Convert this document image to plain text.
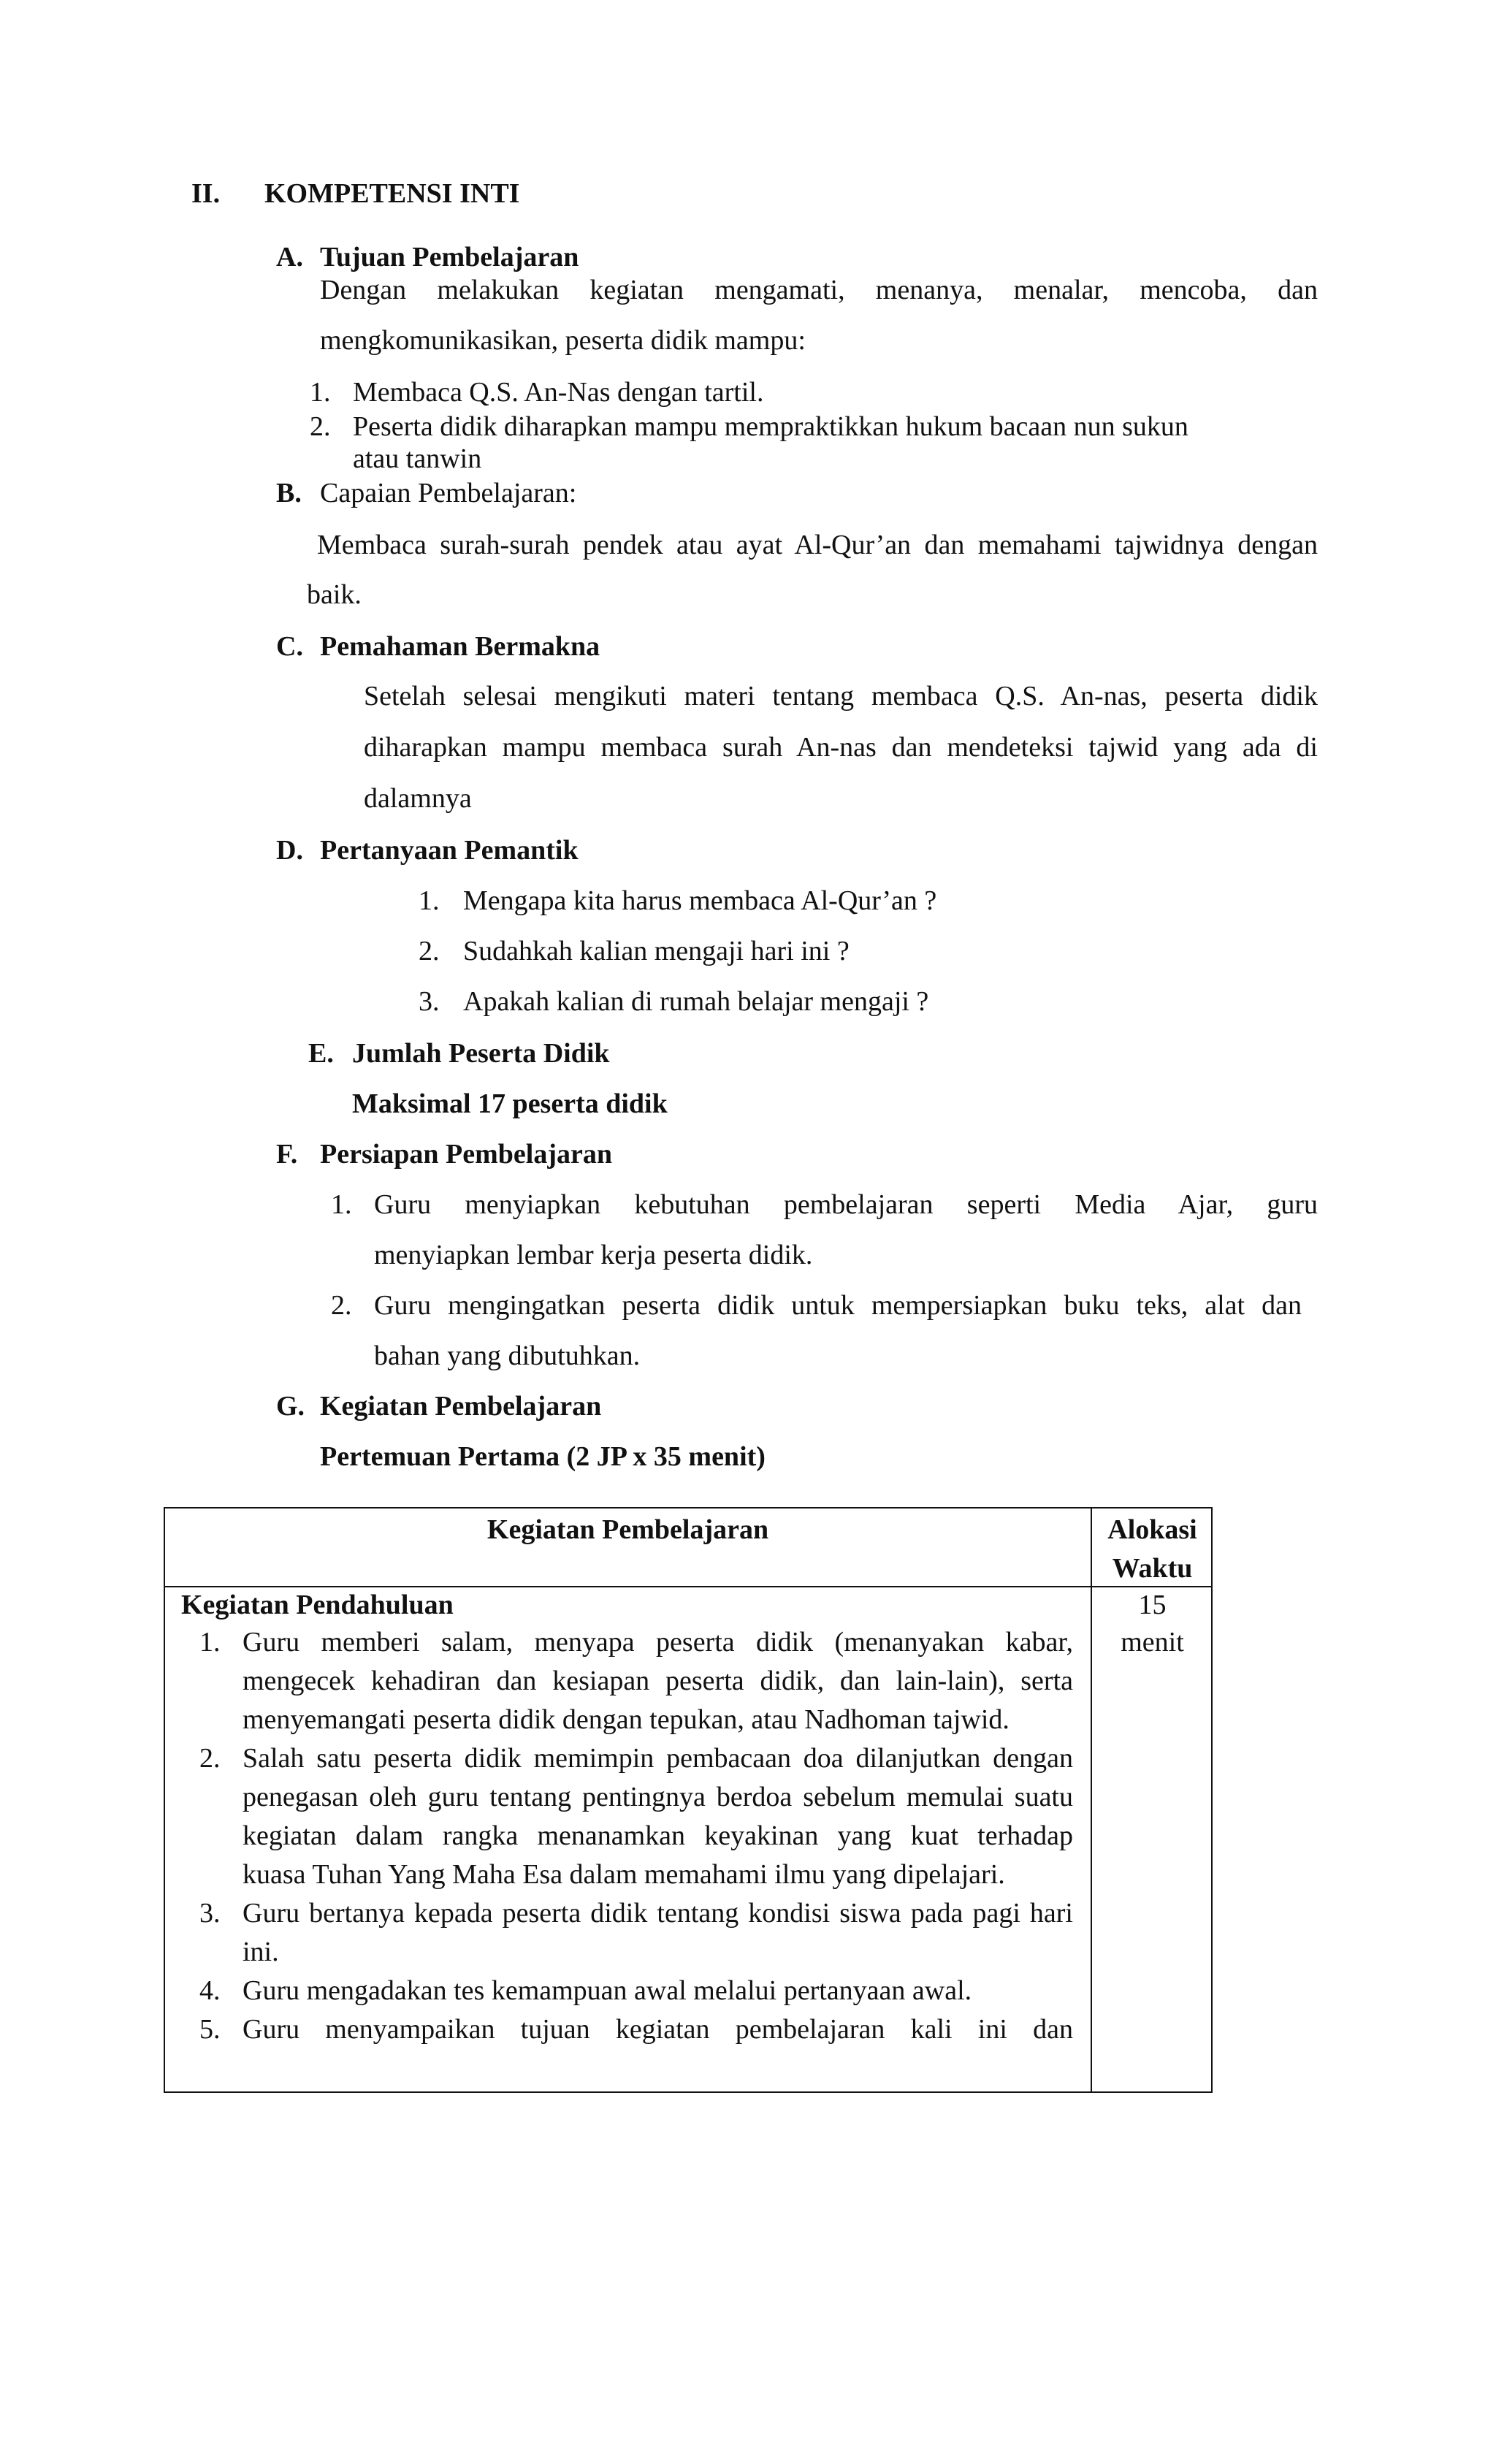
II. KOMPETENSI INTI
A. Tujuan Pembelajaran
Dengan melakukan kegiatan mengamati, menanya, menalar, mencoba, dan
mengkomunikasikan, peserta didik mampu:
1. Membaca Q.S. An-Nas dengan tartil.
2. Peserta didik diharapkan mampu mempraktikkan hukum bacaan nun sukun
atau tanwin
B. Capaian Pembelajaran:
Membaca surah-surah pendek atau ayat Al-Qur’an dan memahami tajwidnya dengan
baik.
C. Pemahaman Bermakna
Setelah selesai mengikuti materi tentang membaca Q.S. An-nas, peserta didik
diharapkan mampu membaca surah An-nas dan mendeteksi tajwid yang ada di
dalamnya
D. Pertanyaan Pemantik
1. Mengapa kita harus membaca Al-Qur’an ?
2. Sudahkah kalian mengaji hari ini ?
3. Apakah kalian di rumah belajar mengaji ?
E. Jumlah Peserta Didik
Maksimal 17 peserta didik
F. Persiapan Pembelajaran
1. Guru menyiapkan kebutuhan pembelajaran seperti Media Ajar, guru
menyiapkan lembar kerja peserta didik.
2. Guru mengingatkan peserta didik untuk mempersiapkan buku teks, alat dan
bahan yang dibutuhkan.
G. Kegiatan Pembelajaran
Pertemuan Pertama (2 JP x 35 menit)
Kegiatan Pembelajaran	Alokasi
Waktu
Kegiatan Pendahuluan	15
menit
1. Guru memberi salam, menyapa peserta didik (menanyakan kabar,
mengecek kehadiran dan kesiapan peserta didik, dan lain-lain), serta
menyemangati peserta didik dengan tepukan, atau Nadhoman tajwid.
2. Salah satu peserta didik memimpin pembacaan doa dilanjutkan dengan
penegasan oleh guru tentang pentingnya berdoa sebelum memulai suatu
kegiatan dalam rangka menanamkan keyakinan yang kuat terhadap
kuasa Tuhan Yang Maha Esa dalam memahami ilmu yang dipelajari.
3. Guru bertanya kepada peserta didik tentang kondisi siswa pada pagi hari
ini.
4. Guru mengadakan tes kemampuan awal melalui pertanyaan awal.
5. Guru menyampaikan tujuan kegiatan pembelajaran kali ini dan
